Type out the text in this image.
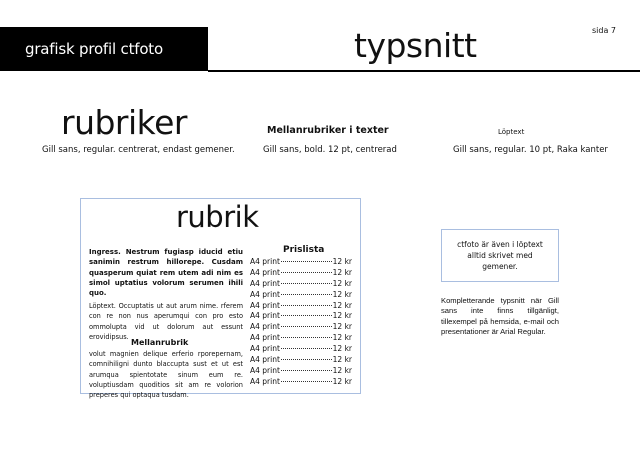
grafisk profil ctfoto	typsnitt	sida 7
rubriker
Gill sans, regular. centrerat, endast gemener.
Mellanrubriker i texter
Gill sans, bold. 12 pt, centrerad
Löptext
Gill sans, regular. 10 pt, Raka kanter
rubrik
Ingress. Nestrum fugiasp iducid etiu sanimin restrum hillorepe. Cusdam quasperum quiat rem utem adi nim es simol uptatius volorum serumen ihili quo.
Löptext. Occuptatis ut aut arum nime. rferem con re non nus aperumqui con pro esto ommolupta vid ut dolorum aut essunt erovidipsus.
Mellanrubrik
volut magnien delique erferio rporepernam, comnihiligni dunto blaccupta sust et ut est arumqua spientotate sinum eum re. voluptiusdam quoditios sit am re volorion preperes qui optaqua tusdam.
Prislista
A4 print	12 kr
A4 print	12 kr
A4 print	12 kr
A4 print	12 kr
A4 print	12 kr
A4 print	12 kr
A4 print	12 kr
A4 print	12 kr
A4 print	12 kr
A4 print	12 kr
A4 print	12 kr
A4 print	12 kr
ctfoto är även i löptext alltid skrivet med gemener.
Kompletterande typsnitt när Gill sans inte finns tillgänligt, tillexempel på hemsida, e-mail och presentationer är Arial Regular.
